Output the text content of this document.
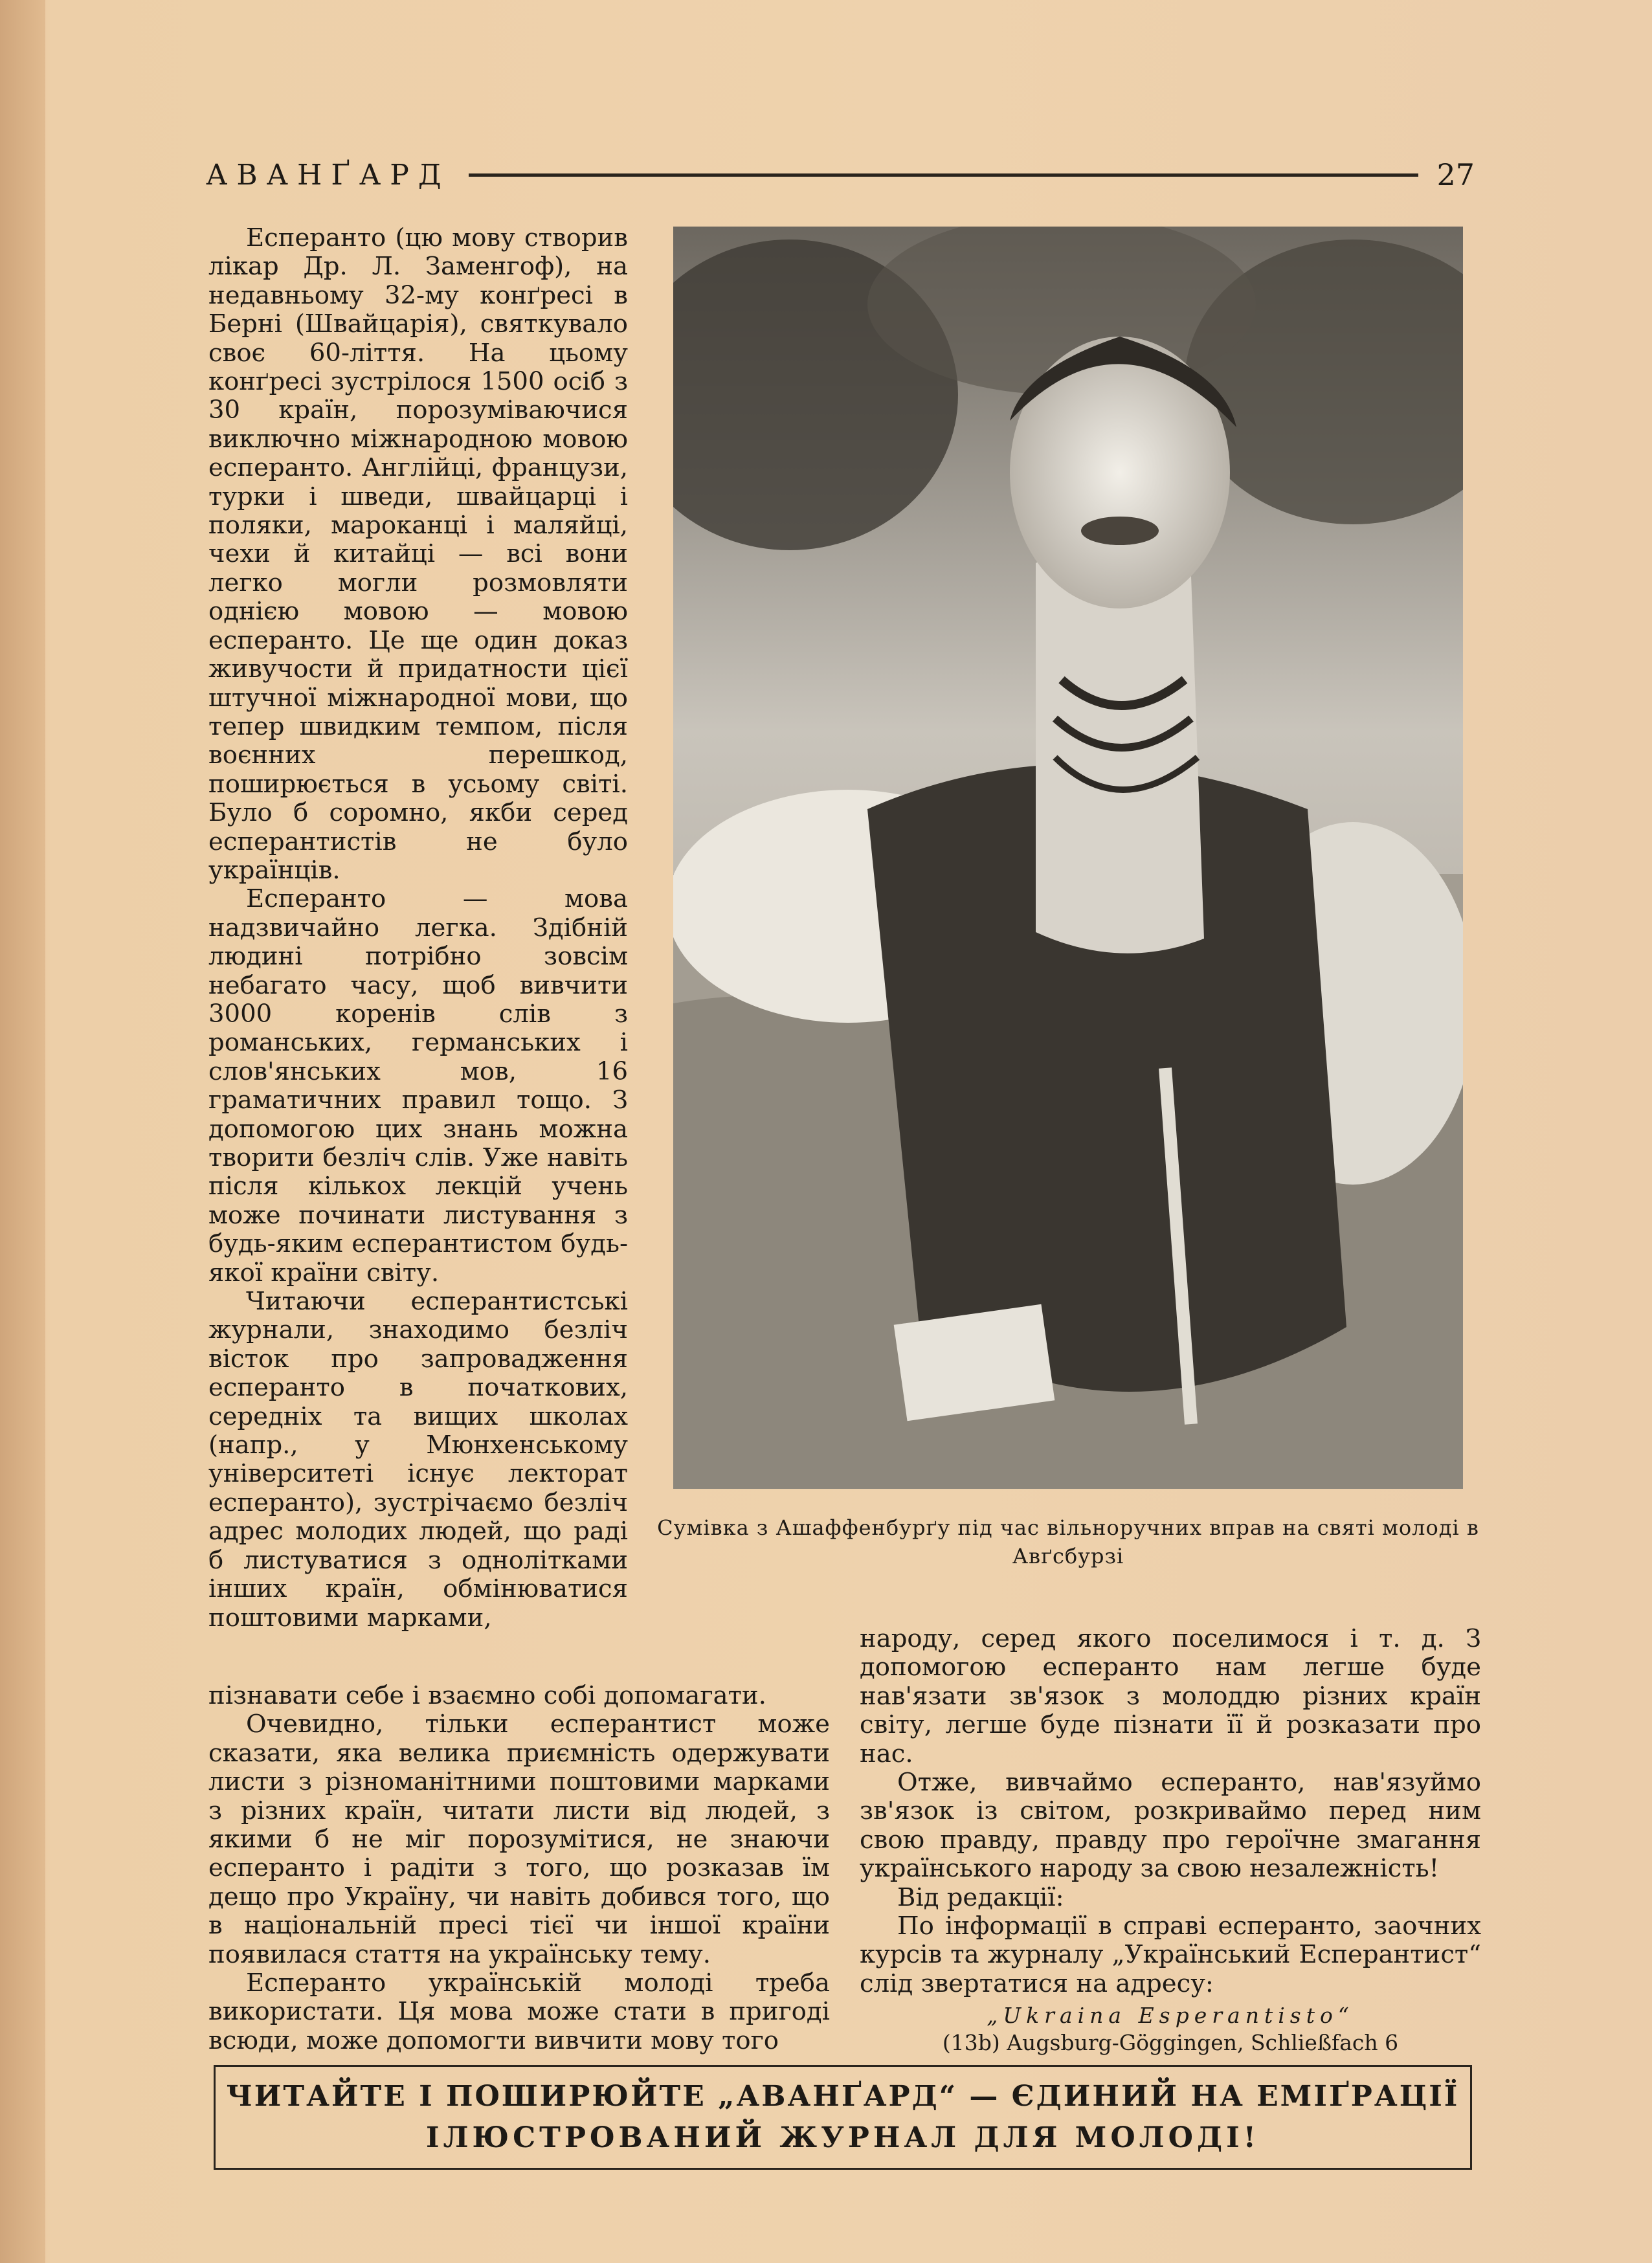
АВАНҐАРД	27

Есперанто (цю мову створив лікар Др. Л. Заменгоф), на недавньому 32-му конґресі в Берні (Швайцарія), святкувало своє 60-ліття. На цьому конґресі зустрілося 1500 осіб з 30 країн, порозуміваючися виключно міжнародною мовою есперанто. Англійці, французи, турки і шведи, швайцарці і поляки, мароканці і маляйці, чехи й китайці — всі вони легко могли розмовляти однією мовою — мовою есперанто. Це ще один доказ живучости й придатности цієї штучної міжнародної мови, що тепер швидким темпом, після воєнних перешкод, поширюється в усьому світі. Було б соромно, якби серед есперантистів не було українців.

Есперанто — мова надзвичайно легка. Здібній людині потрібно зовсім небагато часу, щоб вивчити 3000 коренів слів з романських, германських і слов'янських мов, 16 граматичних правил тощо. З допомогою цих знань можна творити безліч слів. Уже навіть після кількох лекцій учень може починати листування з будь-яким есперантистом будь-якої країни світу.

Читаючи есперантистські журнали, знаходимо безліч вісток про запровадження есперанто в початкових, середніх та вищих школах (напр., у Мюнхенському університеті існує лекторат есперанто), зустрічаємо безліч адрес молодих людей, що раді б листуватися з однолітками інших країн, обмінюватися поштовими марками,

Сумівка з Ашаффенбурґу під час вільноручних вправ на святі молоді в Авґсбурзі

пізнавати себе і взаємно собі допомагати.

Очевидно, тільки есперантист може сказати, яка велика приємність одержувати листи з різноманітними поштовими марками з різних країн, читати листи від людей, з якими б не міг порозумітися, не знаючи есперанто і радіти з того, що розказав їм дещо про Україну, чи навіть добився того, що в національній пресі тієї чи іншої країни появилася стаття на українську тему.

Есперанто українській молоді треба використати. Ця мова може стати в пригоді всюди, може допомогти вивчити мову того

народу, серед якого поселимося і т. д. З допомогою есперанто нам легше буде нав'язати зв'язок з молоддю різних країн світу, легше буде пізнати її й розказати про нас.

Отже, вивчаймо есперанто, нав'язуймо зв'язок із світом, розкриваймо перед ним свою правду, правду про героїчне змагання українського народу за свою незалежність!

Від редакції:

По інформації в справі есперанто, заочних курсів та журналу „Український Есперантист“ слід звертатися на адресу:

„Ukraina Esperantisto“
(13b) Augsburg-Göggingen, Schließfach 6
ЧИТАЙТЕ І ПОШИРЮЙТЕ „АВАНҐАРД“ — ЄДИНИЙ НА ЕМІҐРАЦІЇ
ІЛЮСТРОВАНИЙ ЖУРНАЛ ДЛЯ МОЛОДІ!
